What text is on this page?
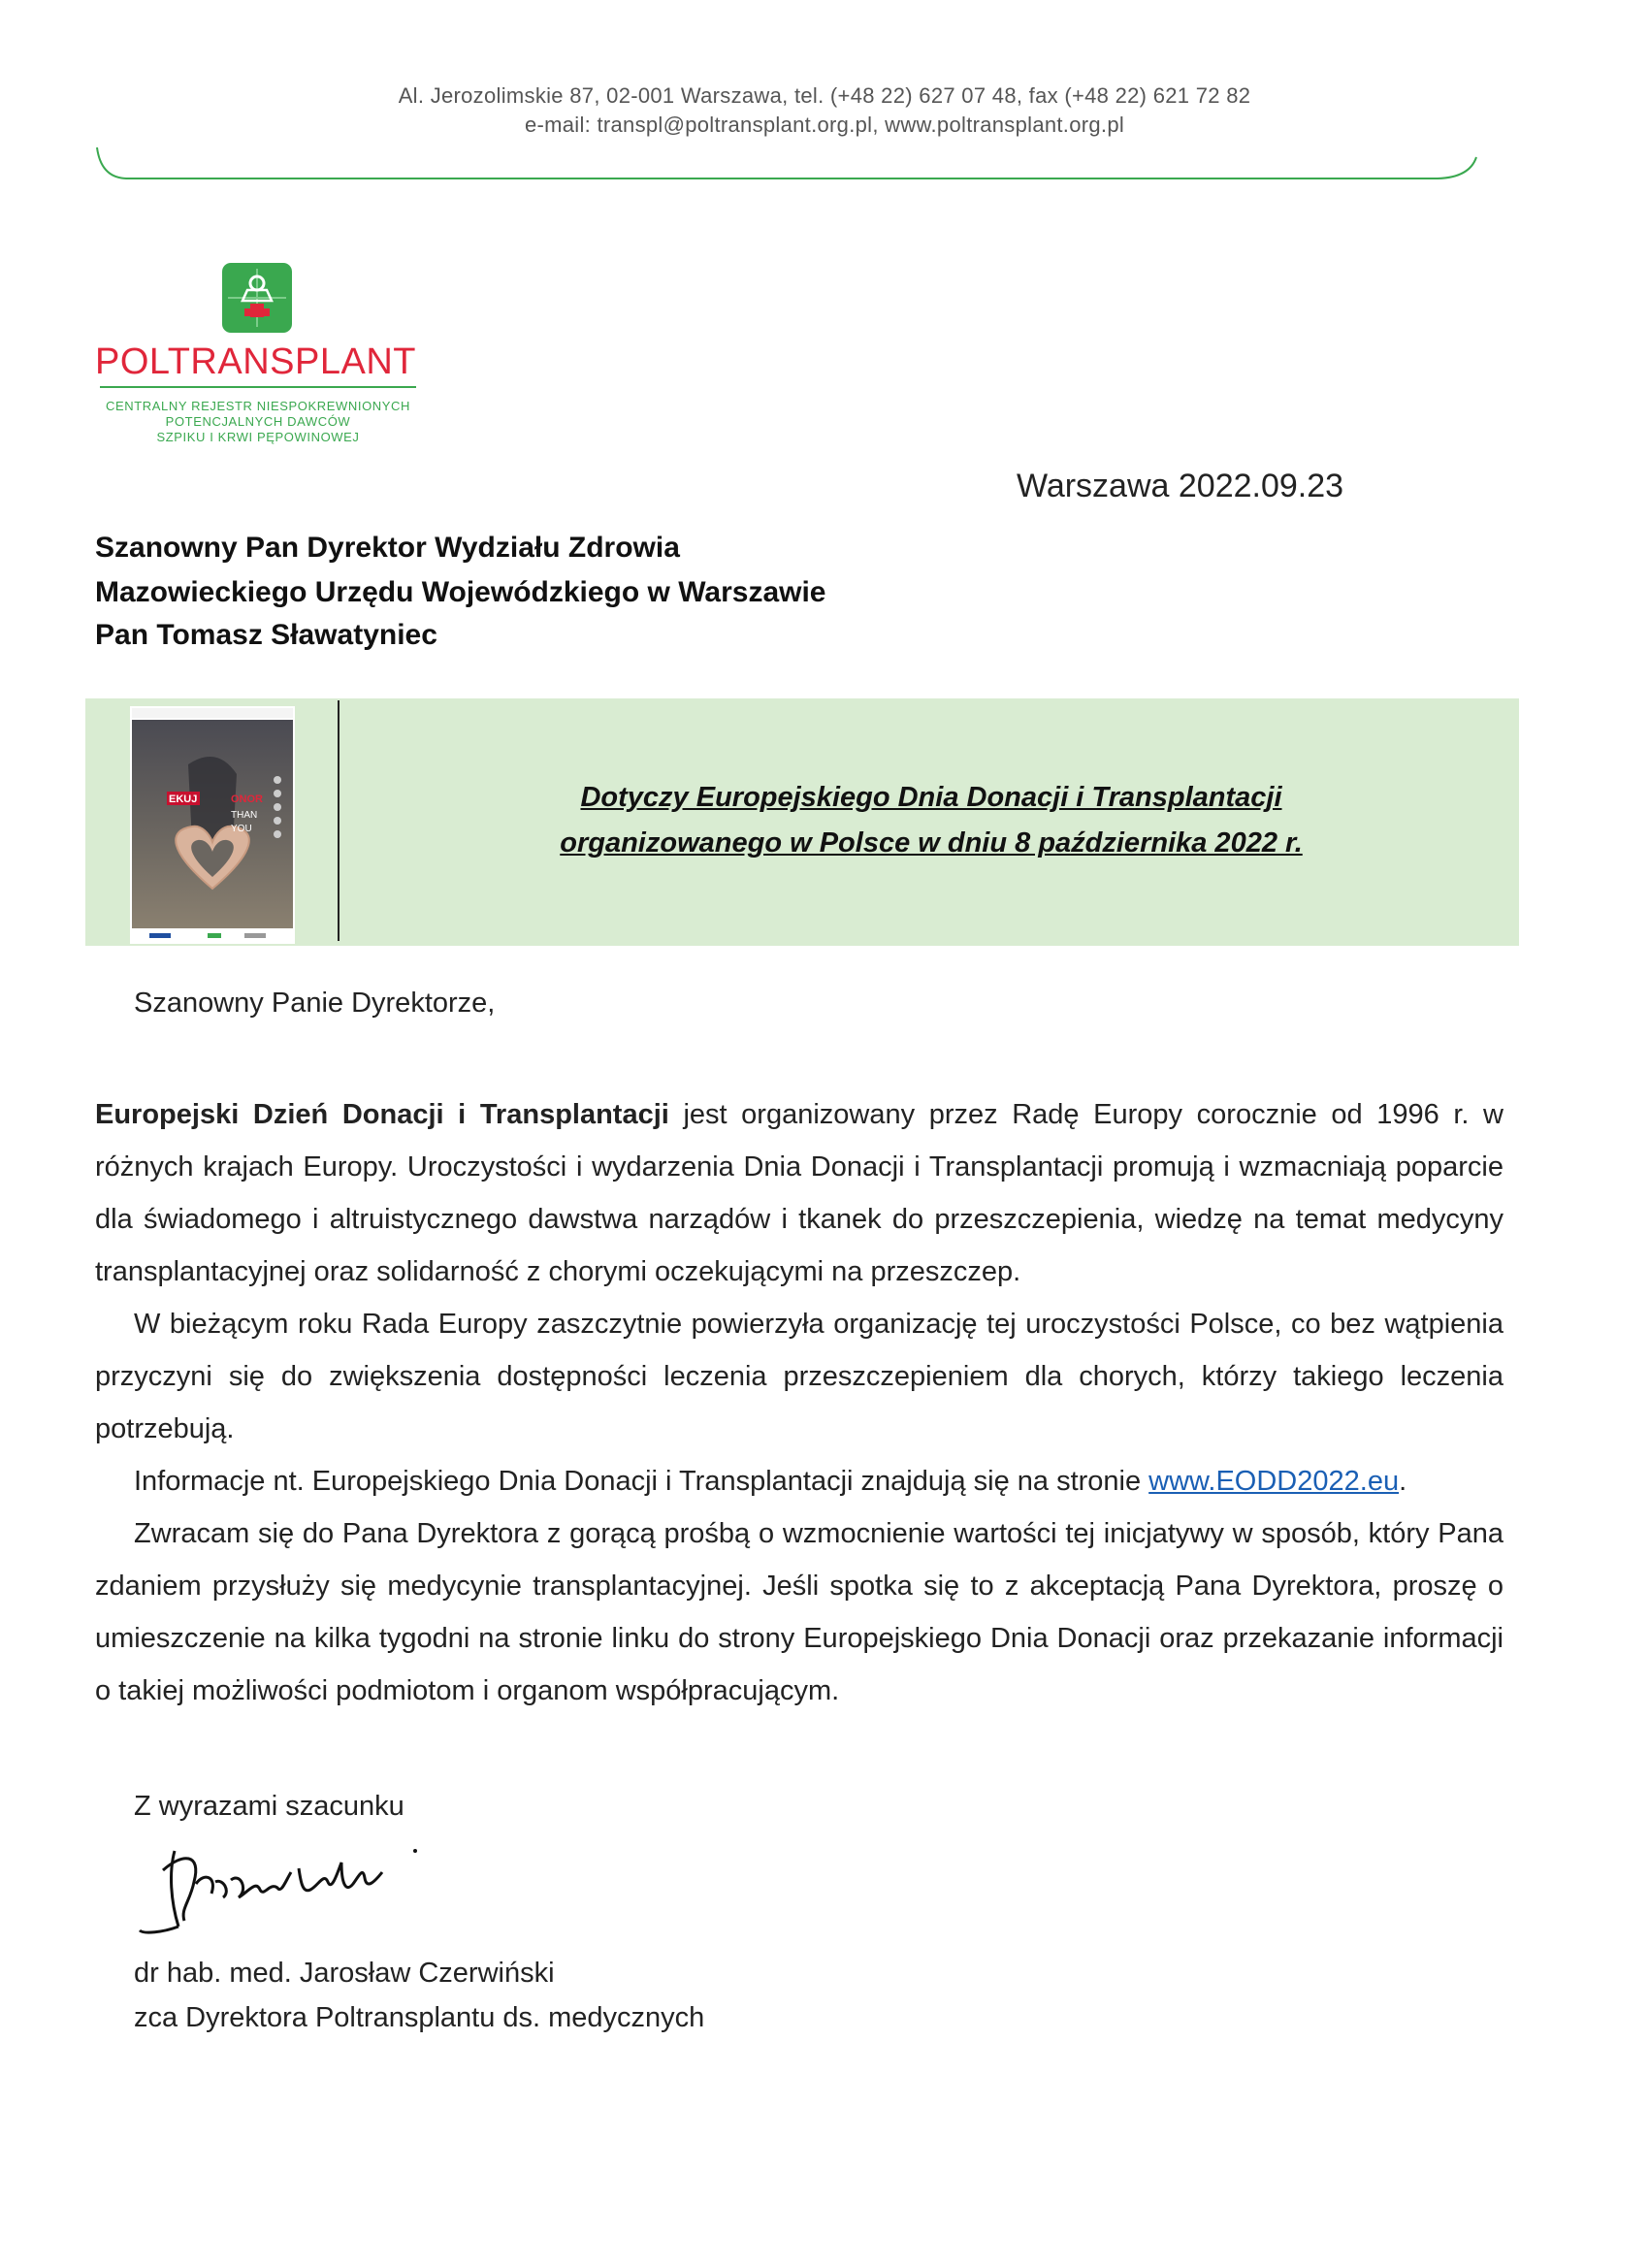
Al. Jerozolimskie 87, 02-001 Warszawa, tel. (+48 22) 627 07 48, fax (+48 22) 621 72 82
e-mail: transpl@poltransplant.org.pl, www.poltransplant.org.pl
POLTRANSPLANT
CENTRALNY REJESTR NIESPOKREWNIONYCH
POTENCJALNYCH DAWCÓW
SZPIKU I KRWI PĘPOWINOWEJ
Warszawa 2022.09.23
Szanowny Pan Dyrektor Wydziału Zdrowia
Mazowieckiego Urzędu Wojewódzkiego w Warszawie
Pan Tomasz Sławatyniec
EKUJ	ONOR
THAN
YOU
Dotyczy Europejskiego Dnia Donacji i Transplantacji
organizowanego w Polsce w dniu 8 października 2022 r.
Szanowny Panie Dyrektorze,
Europejski Dzień Donacji i Transplantacji jest organizowany przez Radę Europy corocznie od 1996 r. w różnych krajach Europy. Uroczystości i wydarzenia Dnia Donacji i Transplantacji promują i wzmacniają poparcie dla świadomego i altruistycznego dawstwa narządów i tkanek do przeszczepienia, wiedzę na temat medycyny transplantacyjnej oraz solidarność z chorymi oczekującymi na przeszczep.
W bieżącym roku Rada Europy zaszczytnie powierzyła organizację tej uroczystości Polsce, co bez wątpienia przyczyni się do zwiększenia dostępności leczenia przeszczepieniem dla chorych, którzy takiego leczenia potrzebują.
Informacje nt. Europejskiego Dnia Donacji i Transplantacji znajdują się na stronie www.EODD2022.eu.
Zwracam się do Pana Dyrektora z gorącą prośbą o wzmocnienie wartości tej inicjatywy w sposób, który Pana zdaniem przysłuży się medycynie transplantacyjnej. Jeśli spotka się to z akceptacją Pana Dyrektora, proszę o umieszczenie na kilka tygodni na stronie linku do strony Europejskiego Dnia Donacji oraz przekazanie informacji o takiej możliwości podmiotom i organom współpracującym.
Z wyrazami szacunku
dr hab. med. Jarosław Czerwiński
zca Dyrektora Poltransplantu ds. medycznych
